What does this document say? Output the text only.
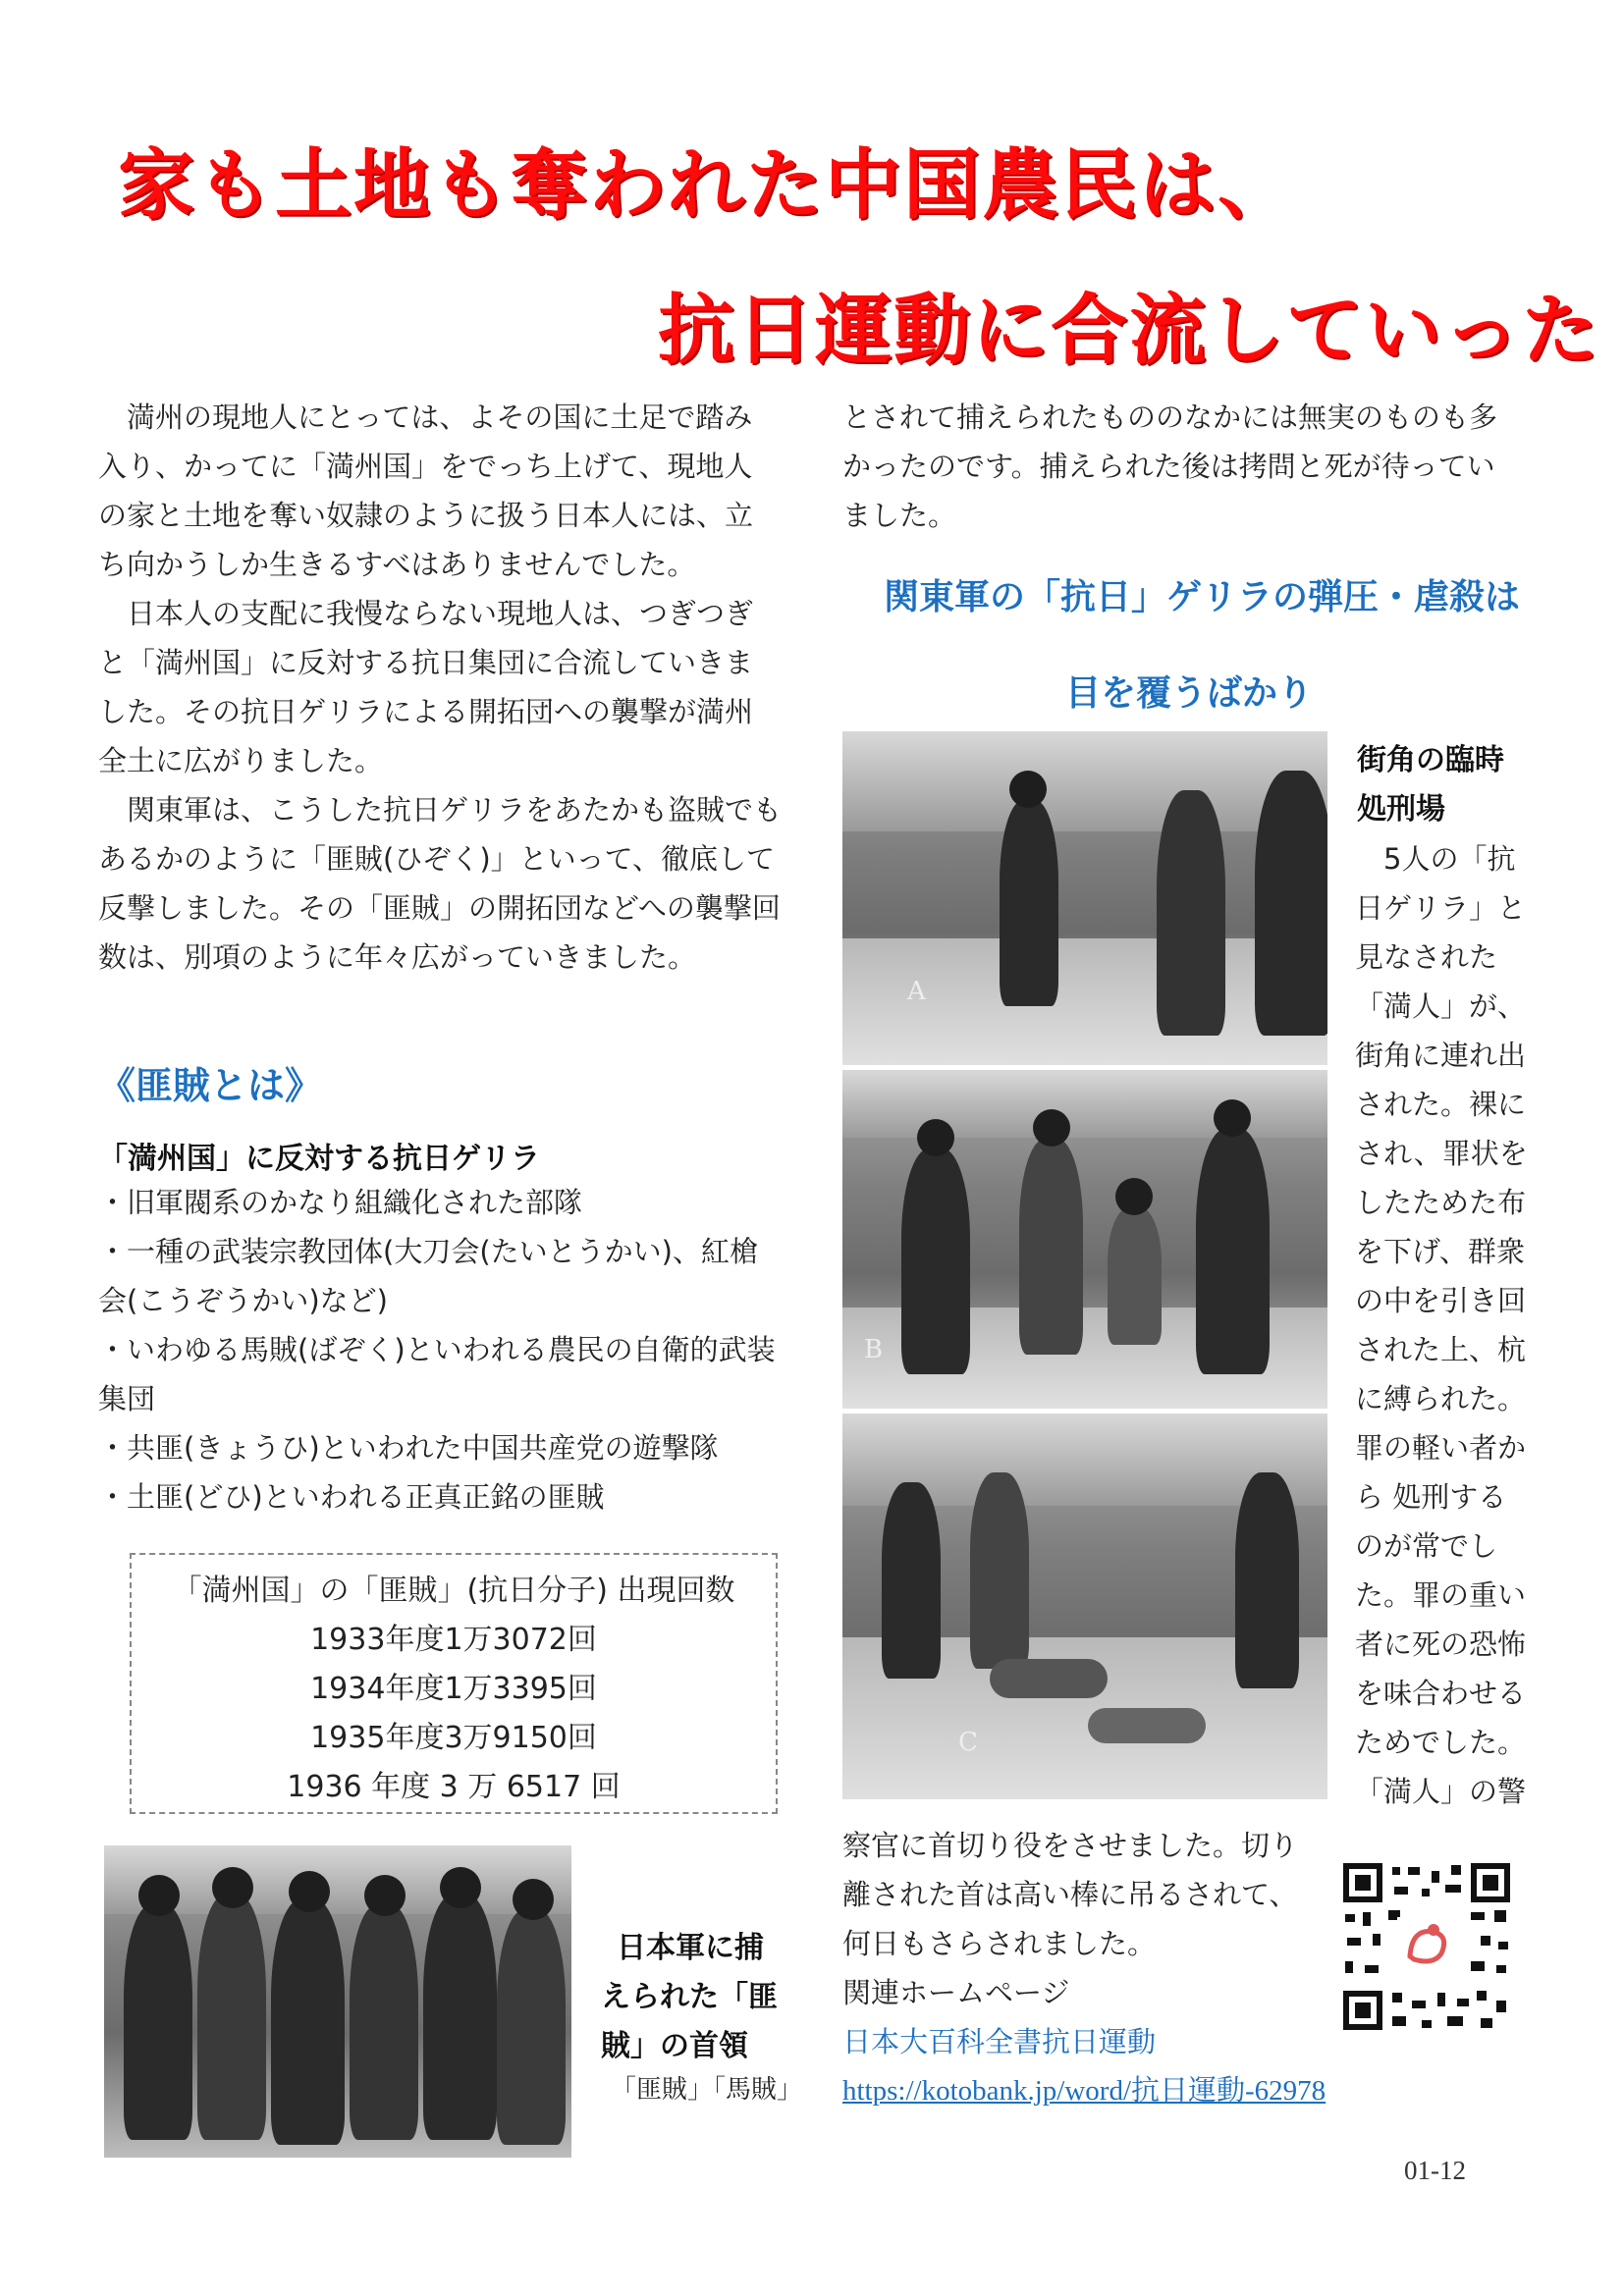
家も土地も奪われた中国農民は、
抗日運動に合流していった

　満州の現地人にとっては、よその国に土足で踏み

入り、かってに「満州国」をでっち上げて、現地人

の家と土地を奪い奴隷のように扱う日本人には、立

ち向かうしか生きるすべはありませんでした。

　日本人の支配に我慢ならない現地人は、つぎつぎ

と「満州国」に反対する抗日集団に合流していきま

した。その抗日ゲリラによる開拓団への襲撃が満州

全土に広がりました。

　関東軍は、こうした抗日ゲリラをあたかも盗賊でも

あるかのように「匪賊(ひぞく)」といって、徹底して

反撃しました。その「匪賊」の開拓団などへの襲撃回

数は、別項のように年々広がっていきました。

《匪賊とは》
「満州国」に反対する抗日ゲリラ
・旧軍閥系のかなり組織化された部隊
・一種の武装宗教団体(大刀会(たいとうかい)、紅槍
会(こうぞうかい)など)
・いわゆる馬賊(ばぞく)といわれる農民の自衛的武装
集団
・共匪(きょうひ)といわれた中国共産党の遊撃隊
・土匪(どひ)といわれる正真正銘の匪賊
「満州国」の「匪賊」(抗日分子) 出現回数
1933年度1万3072回
1934年度1万3395回
1935年度3万9150回
1936 年度 3 万 6517 回
日本軍に捕
えられた「匪
賊」の首領
「匪賊」「馬賊」

とされて捕えられたもののなかには無実のものも多

かったのです。捕えられた後は拷問と死が待ってい

ました。

関東軍の「抗日」ゲリラの弾圧・虐殺は
目を覆うばかり
A
B
C
街角の臨時
処刑場

　5人の「抗

日ゲリラ」と

見なされた

「満人」が、

街角に連れ出

された。裸に

され、罪状を

したためた布

を下げ、群衆

の中を引き回

された上、杭

に縛られた。

罪の軽い者か

ら 処刑する

のが常でし

た。罪の重い

者に死の恐怖

を味合わせる

ためでした。

「満人」の警

察官に首切り役をさせました。切り

離された首は高い棒に吊るされて、

何日もさらされました。

関連ホームページ

日本大百科全書抗日運動

https://kotobank.jp/word/抗日運動-62978

01-12
